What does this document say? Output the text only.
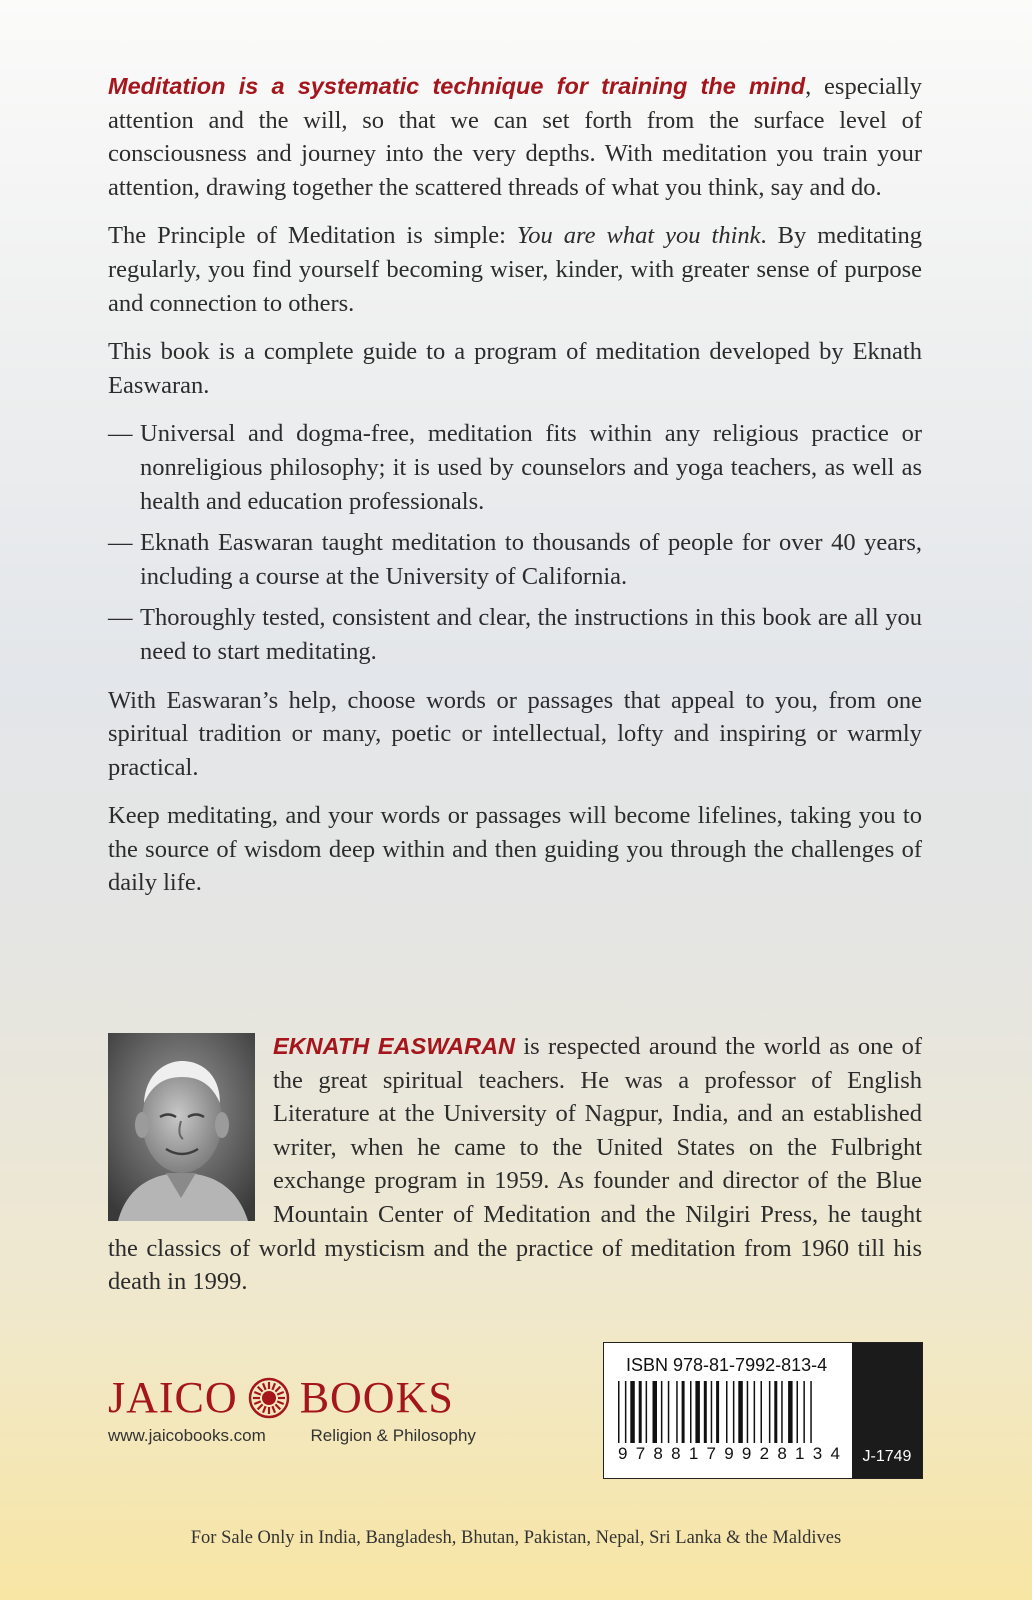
Meditation is a systematic technique for training the mind, especially attention and the will, so that we can set forth from the surface level of consciousness and journey into the very depths. With meditation you train your attention, drawing together the scattered threads of what you think, say and do.

The Principle of Meditation is simple: You are what you think. By meditating regularly, you find yourself becoming wiser, kinder, with greater sense of purpose and connection to others.

This book is a complete guide to a program of meditation developed by Eknath Easwaran.

— Universal and dogma-free, meditation fits within any religious practice or nonreligious philosophy; it is used by counselors and yoga teachers, as well as health and education professionals.
— Eknath Easwaran taught meditation to thousands of people for over 40 years, including a course at the University of California.
— Thoroughly tested, consistent and clear, the instructions in this book are all you need to start meditating.

With Easwaran’s help, choose words or passages that appeal to you, from one spiritual tradition or many, poetic or intellectual, lofty and inspiring or warmly practical.

Keep meditating, and your words or passages will become lifelines, taking you to the source of wisdom deep within and then guiding you through the challenges of daily life.

EKNATH EASWARAN is respected around the world as one of the great spiritual teachers. He was a professor of English Literature at the University of Nagpur, India, and an established writer, when he came to the United States on the Fulbright exchange program in 1959. As founder and director of the Blue Mountain Center of Meditation and the Nilgiri Press, he taught the classics of world mysticism and the practice of meditation from 1960 till his death in 1999.
JAICO BOOKS
www.jaicobooks.com	Religion & Philosophy
ISBN 978-81-7992-813-4
9 7 8 8 1 7 9 9 2 8 1 3 4	J-1749
For Sale Only in India, Bangladesh, Bhutan, Pakistan, Nepal, Sri Lanka & the Maldives
